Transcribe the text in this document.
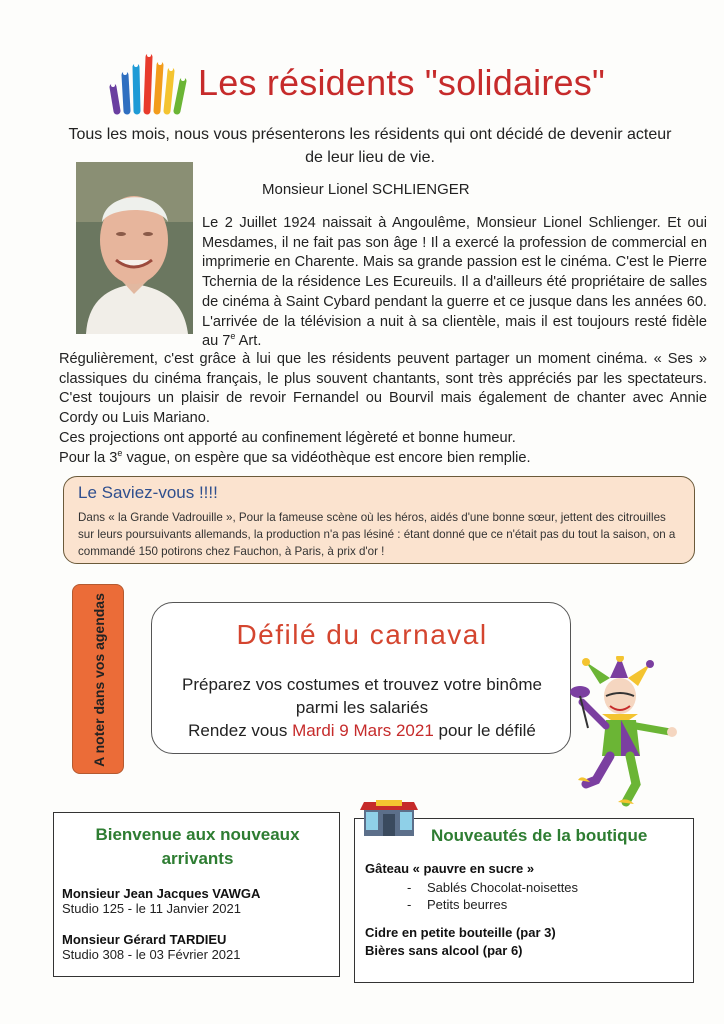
Les résidents "solidaires"
Tous les mois, nous vous présenterons les résidents qui ont décidé de devenir acteur de leur lieu de vie.
Monsieur Lionel SCHLIENGER
Le 2 Juillet 1924 naissait à Angoulême, Monsieur Lionel Schlienger. Et oui Mesdames, il ne fait pas son âge ! Il a exercé la profession de commercial en imprimerie en Charente. Mais sa grande passion est le cinéma. C'est le Pierre Tchernia de la résidence Les Ecureuils. Il a d'ailleurs été propriétaire de salles de cinéma à Saint Cybard pendant la guerre et ce jusque dans les années 60. L'arrivée de la télévision a nuit à sa clientèle, mais il est toujours resté fidèle au 7e Art.

Régulièrement, c'est grâce à lui que les résidents peuvent partager un moment cinéma. « Ses » classiques du cinéma français, le plus souvent chantants, sont très appréciés par les spectateurs. C'est toujours un plaisir de revoir Fernandel ou Bourvil mais également de chanter avec Annie Cordy ou Luis Mariano.

Ces projections ont apporté au confinement légèreté et bonne humeur.

Pour la 3e vague, on espère que sa vidéothèque est encore bien remplie.

Le Saviez-vous !!!!
Dans « la Grande Vadrouille », Pour la fameuse scène où les héros, aidés d'une bonne sœur, jettent des citrouilles sur leurs poursuivants allemands, la production n'a pas lésiné : étant donné que ce n'était pas du tout la saison, on a commandé 150 potirons chez Fauchon, à Paris, à prix d'or !
A noter dans vos agendas	Défilé du carnaval
Préparez vos costumes et trouvez votre binôme
parmi les salariés
Rendez vous Mardi 9 Mars 2021 pour le défilé
Bienvenue aux nouveaux
arrivants
Monsieur Jean Jacques VAWGA
Studio 125 - le 11 Janvier 2021
Monsieur Gérard TARDIEU
Studio 308 - le 03 Février 2021
Nouveautés de la boutique
Gâteau « pauvre en sucre »
- Sablés Chocolat-noisettes
- Petits beurres
Cidre en petite bouteille (par 3)
Bières sans alcool (par 6)
